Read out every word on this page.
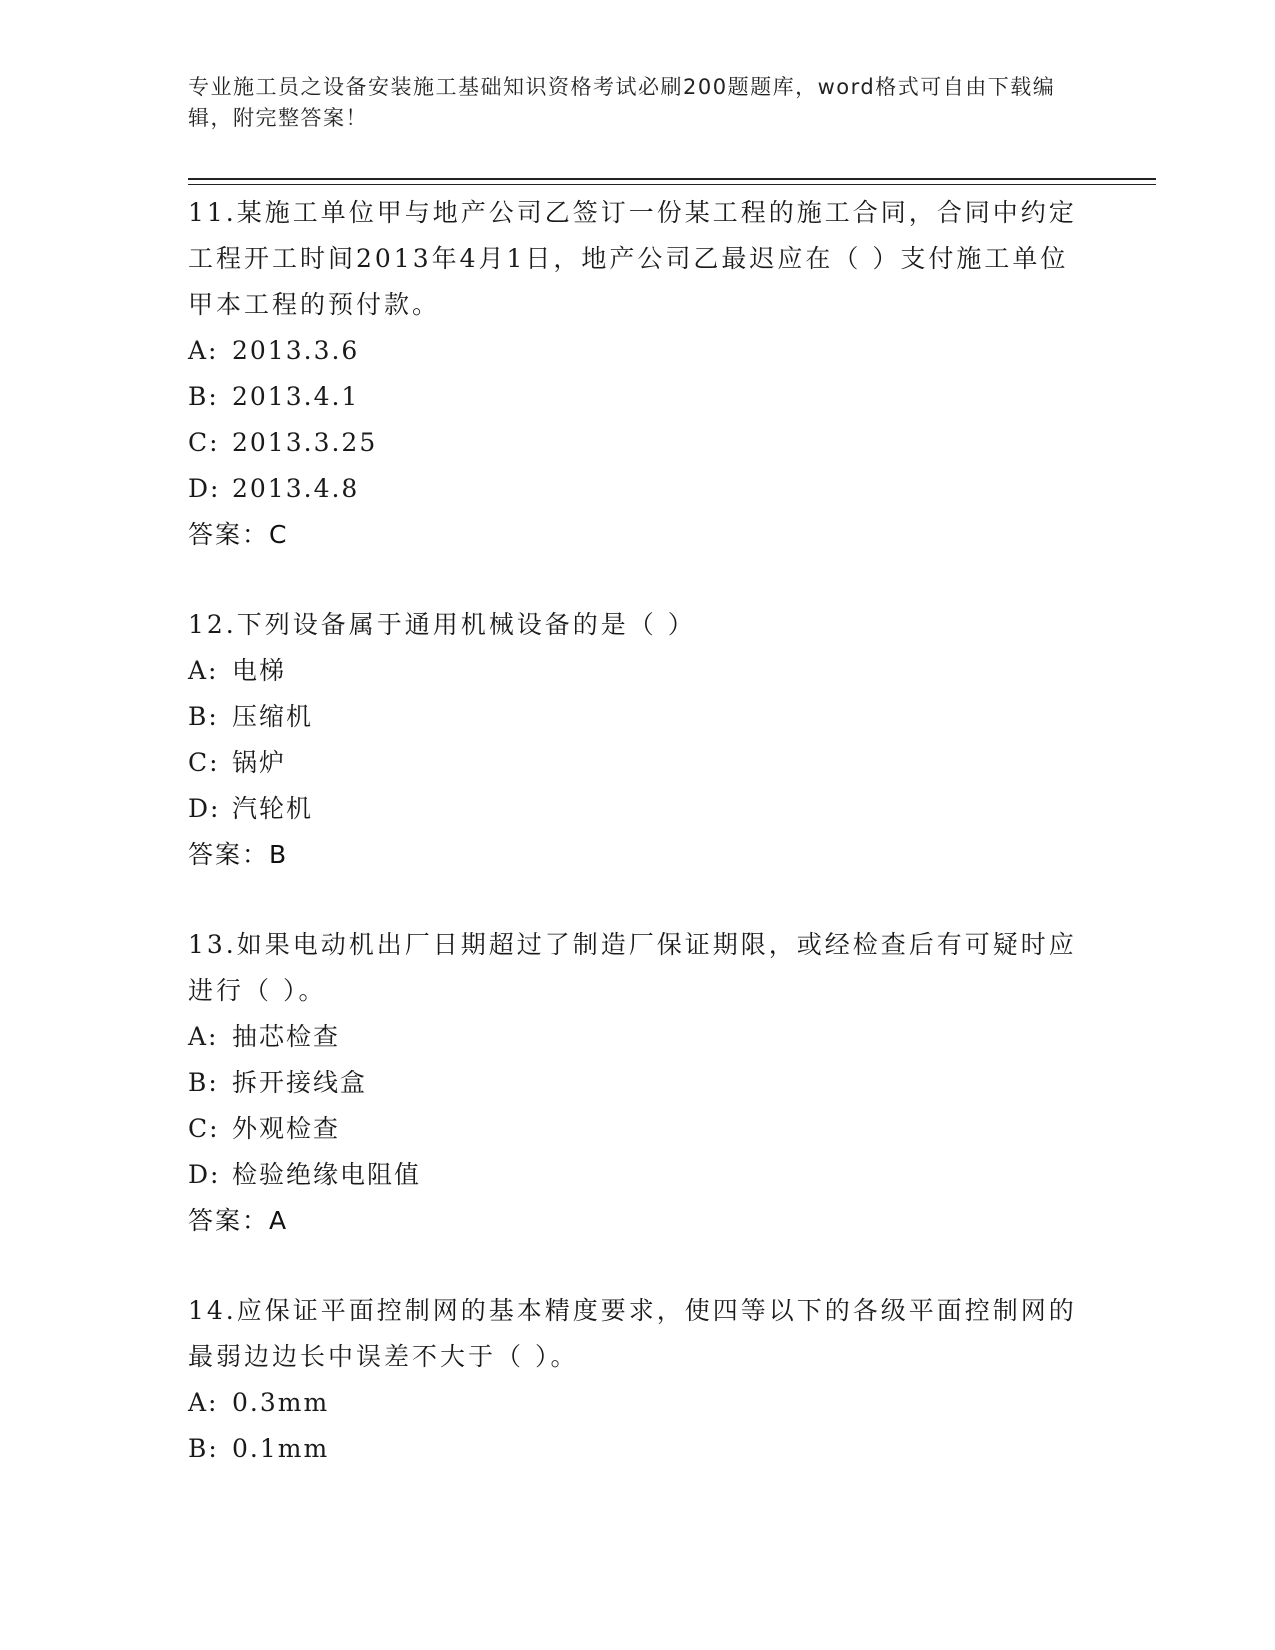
专业施工员之设备安装施工基础知识资格考试必刷200题题库，word格式可自由下载编辑，附完整答案！
11.某施工单位甲与地产公司乙签订一份某工程的施工合同，合同中约定工程开工时间2013年4月1日，地产公司乙最迟应在（ ）支付施工单位甲本工程的预付款。
A: 2013.3.6
B: 2013.4.1
C: 2013.3.25
D: 2013.4.8
答案：C
12.下列设备属于通用机械设备的是（ ）
A: 电梯
B: 压缩机
C: 锅炉
D: 汽轮机
答案：B
13.如果电动机出厂日期超过了制造厂保证期限，或经检查后有可疑时应进行（ ）。
A: 抽芯检查
B: 拆开接线盒
C: 外观检查
D: 检验绝缘电阻值
答案：A
14.应保证平面控制网的基本精度要求，使四等以下的各级平面控制网的最弱边边长中误差不大于（ ）。
A: 0.3mm
B: 0.1mm
